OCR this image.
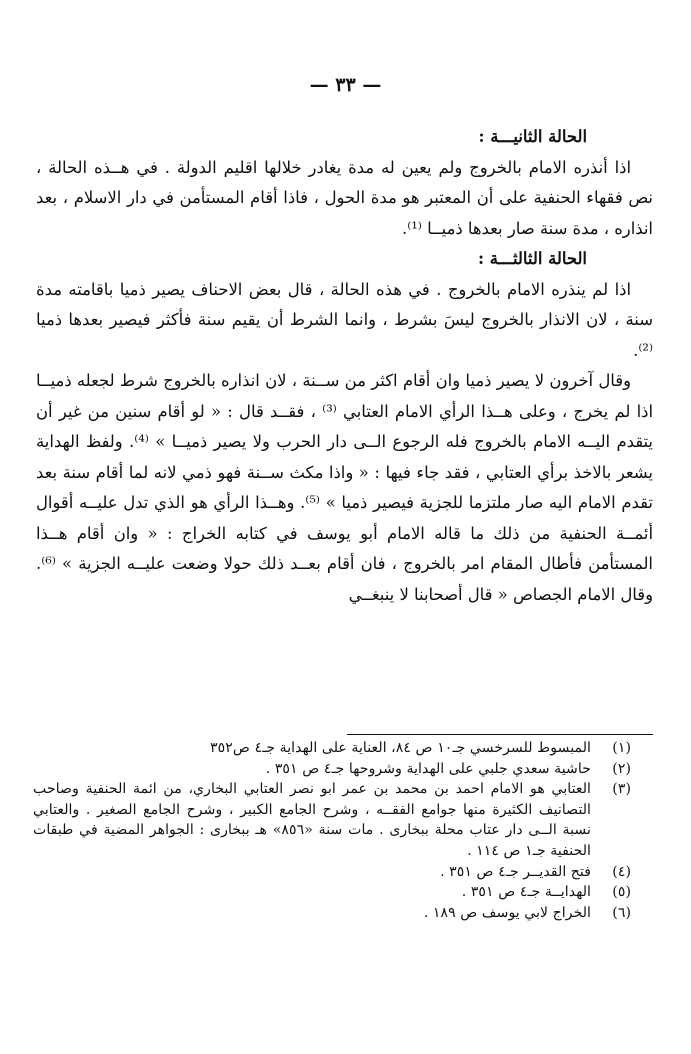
— ٣٣ —

الحالة الثانيـــة :

اذا أنذره الامام بالخروج ولم يعين له مدة يغادر خلالها اقليم الدولة . في هــذه الحالة ، نص فقهاء الحنفية على أن المعتبر هو مدة الحول ، فاذا أقام المستأمن في دار الاسلام ، بعد انذاره ، مدة سنة صار بعدها ذميــا ⁽¹⁾.

الحالة الثالثـــة :

اذا لم ينذره الامام بالخروج . في هذه الحالة ، قال بعض الاحناف يصير ذميا باقامته مدة سنة ، لان الانذار بالخروج ليسَ بشرط ، وانما الشرط أن يقيم سنة فأكثر فيصير بعدها ذميا ⁽²⁾.

وقال آخرون لا يصير ذميا وان أقام اكثر من ســنة ، لان انذاره بالخروج شرط لجعله ذميــا اذا لم يخرج ، وعلى هــذا الرأي الامام العتابي ⁽³⁾ ، فقــد قال : « لو أقام سنين من غير أن يتقدم اليــه الامام بالخروج فله الرجوع الــى دار الحرب ولا يصير ذميــا » ⁽⁴⁾. ولفظ الهداية يشعر بالاخذ برأي العتابي ، فقد جاء فيها : « واذا مكث ســنة فهو ذمي لانه لما أقام سنة بعد تقدم الامام اليه صار ملتزما للجزية فيصير ذميا » ⁽⁵⁾. وهــذا الرأي هو الذي تدل عليــه أقوال أئمــة الحنفية من ذلك ما قاله الامام أبو يوسف في كتابه الخراج : « وان أقام هــذا المستأمن فأطال المقام امر بالخروج ، فان أقام بعــد ذلك حولا وضعت عليــه الجزية » ⁽⁶⁾. وقال الامام الجصاص « قال أصحابنا لا ينبغــي

(١)
المبسوط للسرخسي جـ١٠ ص ٨٤، العناية على الهداية جـ٤ ص٣٥٢
(٢)
حاشية سعدي جلبي على الهداية وشروحها جـ٤ ص ٣٥١ .
(٣)
العتابي هو الامام احمد بن محمد بن عمر ابو نصر العتابي البخاري، من ائمة الحنفية وصاحب التصانيف الكثيرة منها جوامع الفقــه ، وشرح الجامع الكبير ، وشرح الجامع الصغير . والعتابي نسبة الــى دار عتاب محلة ببخارى . مات سنة «٨٥٦» هـ ببخارى : الجواهر المضية في طبقات الحنفية جـ١ ص ١١٤ .
(٤)
فتح القديــر جـ٤ ص ٣٥١ .
(٥)
الهدايــة جـ٤ ص ٣٥١ .
(٦)
الخراج لابي يوسف ص ١٨٩ .
